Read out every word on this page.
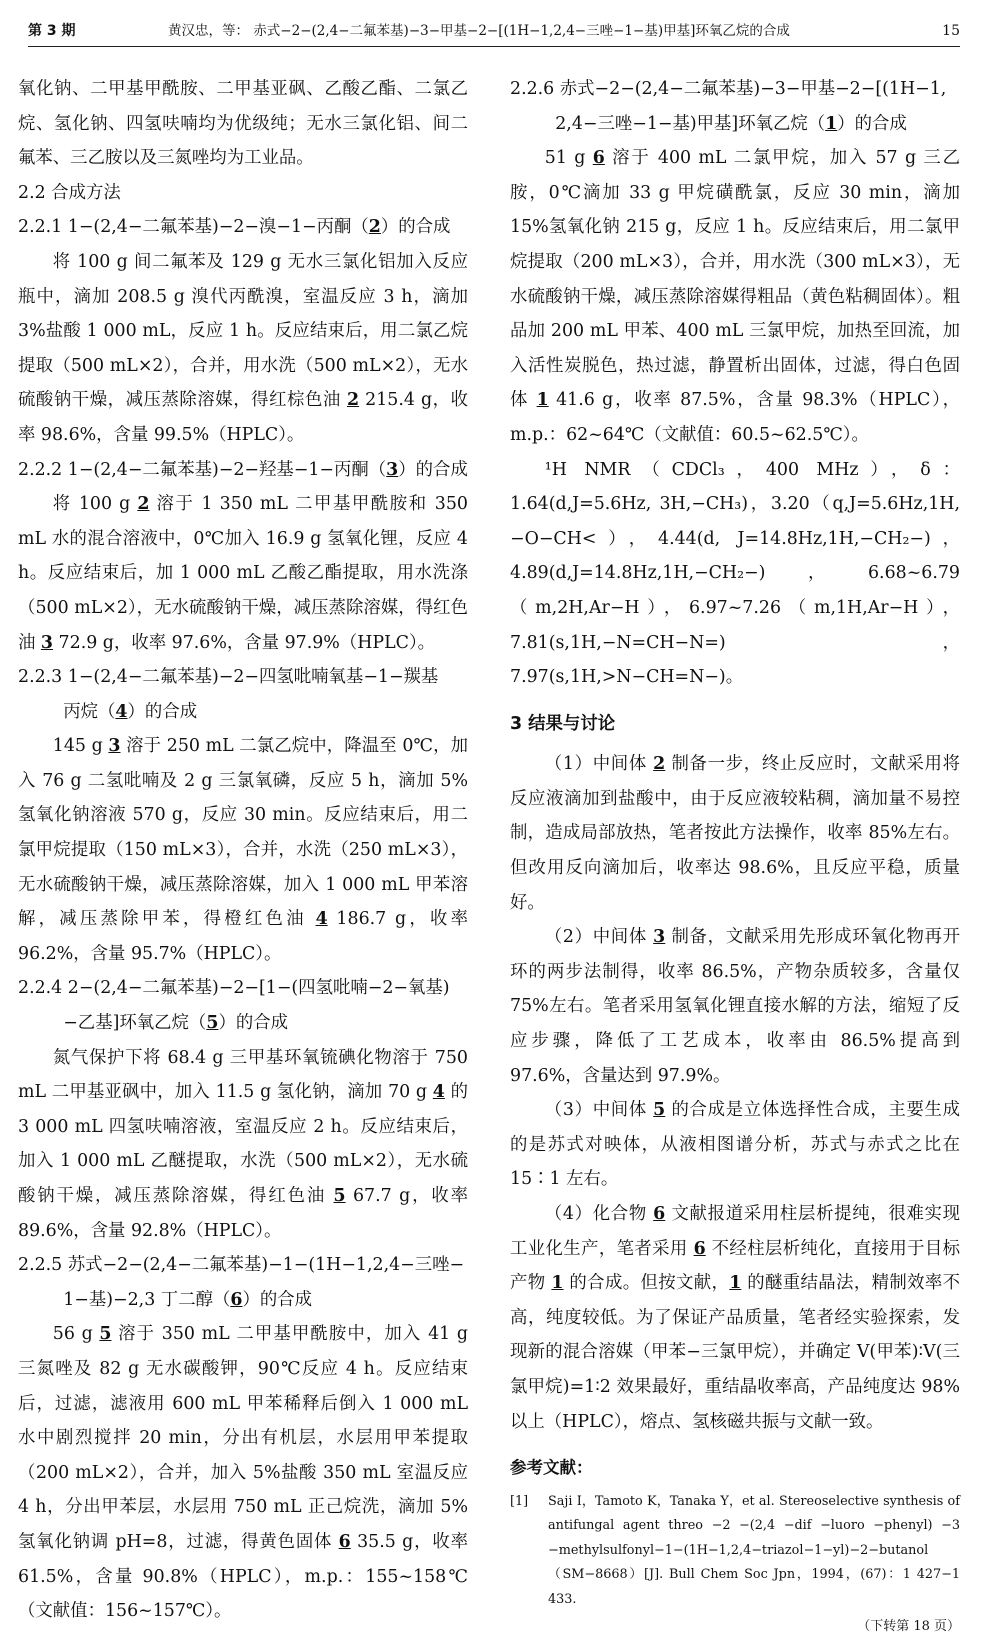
第 3 期	黄汉忠，等： 赤式−2−(2,4−二氟苯基)−3−甲基−2−[(1H−1,2,4−三唑−1−基)甲基]环氧乙烷的合成	15

氧化钠、二甲基甲酰胺、二甲基亚砜、乙酸乙酯、二氯乙烷、氢化钠、四氢呋喃均为优级纯；无水三氯化铝、间二氟苯、三乙胺以及三氮唑均为工业品。

2.2 合成方法

2.2.1 1−(2,4−二氟苯基)−2−溴−1−丙酮（2）的合成

将 100 g 间二氟苯及 129 g 无水三氯化铝加入反应瓶中，滴加 208.5 g 溴代丙酰溴，室温反应 3 h，滴加 3%盐酸 1 000 mL，反应 1 h。反应结束后，用二氯乙烷提取（500 mL×2），合并，用水洗（500 mL×2），无水硫酸钠干燥，减压蒸除溶媒，得红棕色油 2 215.4 g，收率 98.6%，含量 99.5%（HPLC）。

2.2.2 1−(2,4−二氟苯基)−2−羟基−1−丙酮（3）的合成

将 100 g 2 溶于 1 350 mL 二甲基甲酰胺和 350 mL 水的混合溶液中，0℃加入 16.9 g 氢氧化锂，反应 4 h。反应结束后，加 1 000 mL 乙酸乙酯提取，用水洗涤（500 mL×2），无水硫酸钠干燥，减压蒸除溶媒，得红色油 3 72.9 g，收率 97.6%，含量 97.9%（HPLC）。

2.2.3 1−(2,4−二氟苯基)−2−四氢吡喃氧基−1−羰基
丙烷（4）的合成

145 g 3 溶于 250 mL 二氯乙烷中，降温至 0℃，加入 76 g 二氢吡喃及 2 g 三氯氧磷，反应 5 h，滴加 5%氢氧化钠溶液 570 g，反应 30 min。反应结束后，用二氯甲烷提取（150 mL×3），合并，水洗（250 mL×3），无水硫酸钠干燥，减压蒸除溶媒，加入 1 000 mL 甲苯溶解，减压蒸除甲苯，得橙红色油 4 186.7 g，收率 96.2%，含量 95.7%（HPLC）。

2.2.4 2−(2,4−二氟苯基)−2−[1−(四氢吡喃−2−氧基)
−乙基]环氧乙烷（5）的合成

氮气保护下将 68.4 g 三甲基环氧锍碘化物溶于 750 mL 二甲基亚砜中，加入 11.5 g 氢化钠，滴加 70 g 4 的 3 000 mL 四氢呋喃溶液，室温反应 2 h。反应结束后，加入 1 000 mL 乙醚提取，水洗（500 mL×2），无水硫酸钠干燥，减压蒸除溶媒，得红色油 5 67.7 g，收率 89.6%，含量 92.8%（HPLC）。

2.2.5 苏式−2−(2,4−二氟苯基)−1−(1H−1,2,4−三唑−
1−基)−2,3 丁二醇（6）的合成

56 g 5 溶于 350 mL 二甲基甲酰胺中，加入 41 g 三氮唑及 82 g 无水碳酸钾，90℃反应 4 h。反应结束后，过滤，滤液用 600 mL 甲苯稀释后倒入 1 000 mL 水中剧烈搅拌 20 min，分出有机层，水层用甲苯提取（200 mL×2），合并，加入 5%盐酸 350 mL 室温反应 4 h，分出甲苯层，水层用 750 mL 正己烷洗，滴加 5%氢氧化钠调 pH=8，过滤，得黄色固体 6 35.5 g，收率 61.5%，含量 90.8%（HPLC），m.p.：155~158℃（文献值：156~157℃）。

2.2.6 赤式−2−(2,4−二氟苯基)−3−甲基−2−[(1H−1,
2,4−三唑−1−基)甲基]环氧乙烷（1）的合成

51 g 6 溶于 400 mL 二氯甲烷，加入 57 g 三乙胺，0℃滴加 33 g 甲烷磺酰氯，反应 30 min，滴加 15%氢氧化钠 215 g，反应 1 h。反应结束后，用二氯甲烷提取（200 mL×3），合并，用水洗（300 mL×3），无水硫酸钠干燥，减压蒸除溶媒得粗品（黄色粘稠固体）。粗品加 200 mL 甲苯、400 mL 三氯甲烷，加热至回流，加入活性炭脱色，热过滤，静置析出固体，过滤，得白色固体 1 41.6 g，收率 87.5%，含量 98.3%（HPLC），m.p.：62~64℃（文献值：60.5~62.5℃）。

¹H NMR（CDCl₃，400 MHz），δ：1.64(d,J=5.6Hz, 3H,−CH₃)，3.20（q,J=5.6Hz,1H,−O−CH<），4.44(d, J=14.8Hz,1H,−CH₂−)，4.89(d,J=14.8Hz,1H,−CH₂−)，6.68~6.79（m,2H,Ar−H），6.97~7.26（m,1H,Ar−H），7.81(s,1H,−N=CH−N=)，7.97(s,1H,>N−CH=N−)。

3 结果与讨论

（1）中间体 2 制备一步，终止反应时，文献采用将反应液滴加到盐酸中，由于反应液较粘稠，滴加量不易控制，造成局部放热，笔者按此方法操作，收率 85%左右。但改用反向滴加后，收率达 98.6%，且反应平稳，质量好。

（2）中间体 3 制备，文献采用先形成环氧化物再开环的两步法制得，收率 86.5%，产物杂质较多，含量仅 75%左右。笔者采用氢氧化锂直接水解的方法，缩短了反应步骤，降低了工艺成本，收率由 86.5%提高到 97.6%，含量达到 97.9%。

（3）中间体 5 的合成是立体选择性合成，主要生成的是苏式对映体，从液相图谱分析，苏式与赤式之比在 15∶1 左右。

（4）化合物 6 文献报道采用柱层析提纯，很难实现工业化生产，笔者采用 6 不经柱层析纯化，直接用于目标产物 1 的合成。但按文献，1 的醚重结晶法，精制效率不高，纯度较低。为了保证产品质量，笔者经实验探索，发现新的混合溶媒（甲苯−三氯甲烷），并确定 V(甲苯)∶V(三氯甲烷)=1∶2 效果最好，重结晶收率高，产品纯度达 98%以上（HPLC），熔点、氢核磁共振与文献一致。

参考文献：

[1] Saji I，Tamoto K，Tanaka Y，et al. Stereoselective synthesis of antifungal agent threo −2 −(2,4 −dif −luoro −phenyl) −3 −methylsulfonyl−1−(1H−1,2,4−triazol−1−yl)−2−butanol（SM−8668）[J]. Bull Chem Soc Jpn，1994，(67)：1 427−1 433.

（下转第 18 页）
